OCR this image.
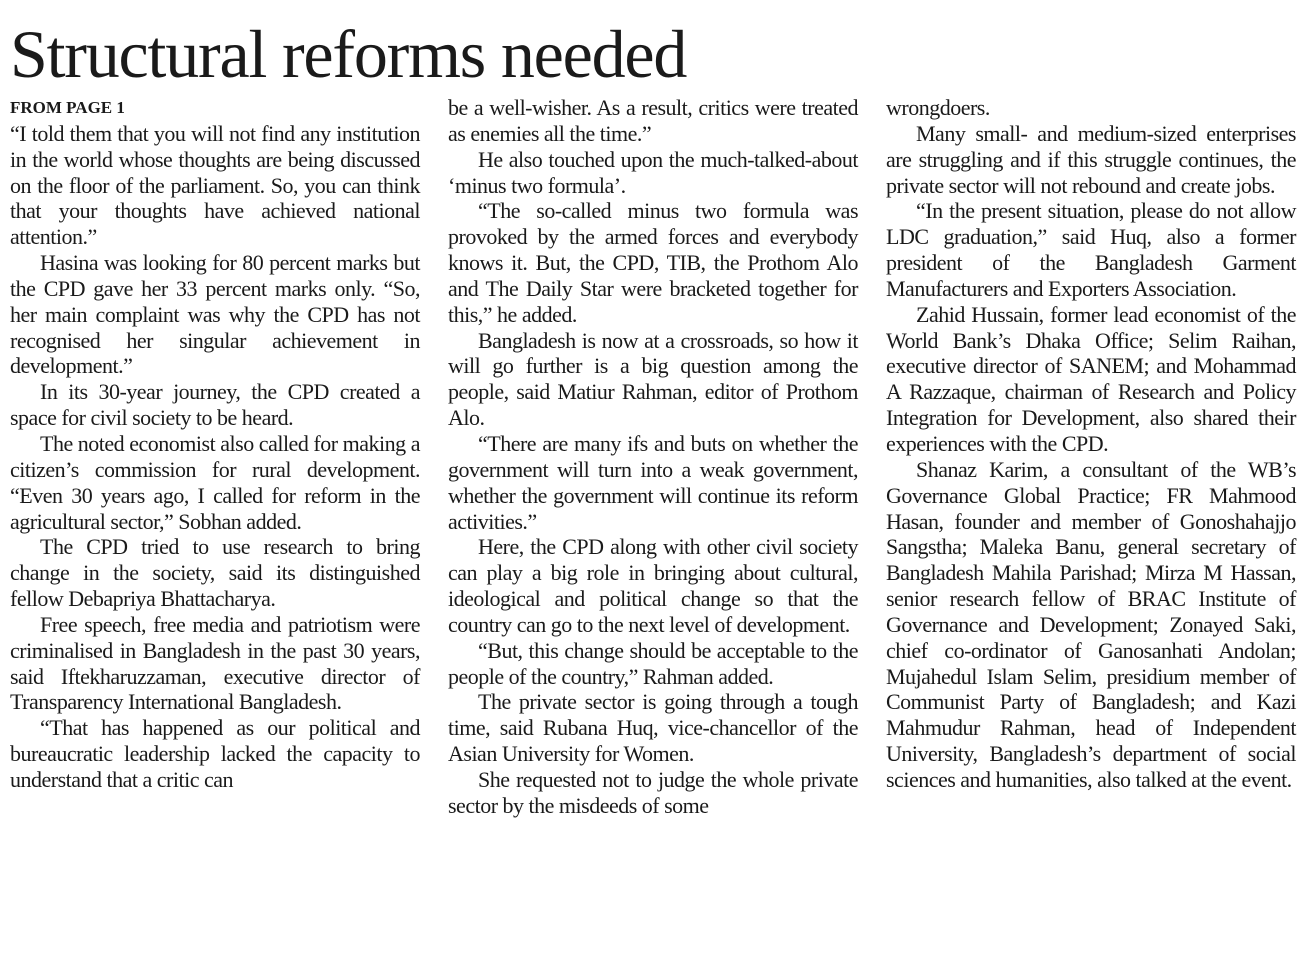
Structural reforms needed
FROM PAGE 1

“I told them that you will not find any institution in the world whose thoughts are being discussed on the floor of the parliament. So, you can think that your thoughts have achieved national attention.”

Hasina was looking for 80 percent marks but the CPD gave her 33 percent marks only. “So, her main complaint was why the CPD has not recognised her singular achievement in development.”

In its 30-year journey, the CPD created a space for civil society to be heard.

The noted economist also called for making a citizen’s commission for rural development. “Even 30 years ago, I called for reform in the agricultural sector,” Sobhan added.

The CPD tried to use research to bring change in the society, said its distinguished fellow Debapriya Bhattacharya.

Free speech, free media and patriotism were criminalised in Bangladesh in the past 30 years, said Iftekharuzzaman, executive director of Transparency International Bangladesh.

“That has happened as our political and bureaucratic leadership lacked the capacity to understand that a critic can

be a well-wisher. As a result, critics were treated as enemies all the time.”

He also touched upon the much-talked-about ‘minus two formula’.

“The so-called minus two formula was provoked by the armed forces and everybody knows it. But, the CPD, TIB, the Prothom Alo and The Daily Star were bracketed together for this,” he added.

Bangladesh is now at a crossroads, so how it will go further is a big question among the people, said Matiur Rahman, editor of Prothom Alo.

“There are many ifs and buts on whether the government will turn into a weak government, whether the government will continue its reform activities.”

Here, the CPD along with other civil society can play a big role in bringing about cultural, ideological and political change so that the country can go to the next level of development.

“But, this change should be acceptable to the people of the country,” Rahman added.

The private sector is going through a tough time, said Rubana Huq, vice-chancellor of the Asian University for Women.

She requested not to judge the whole private sector by the misdeeds of some

wrongdoers.

Many small- and medium-sized enterprises are struggling and if this struggle continues, the private sector will not rebound and create jobs.

“In the present situation, please do not allow LDC graduation,” said Huq, also a former president of the Bangladesh Garment Manufacturers and Exporters Association.

Zahid Hussain, former lead economist of the World Bank’s Dhaka Office; Selim Raihan, executive director of SANEM; and Mohammad A Razzaque, chairman of Research and Policy Integration for Development, also shared their experiences with the CPD.

Shanaz Karim, a consultant of the WB’s Governance Global Practice; FR Mahmood Hasan, founder and member of Gonoshahajjo Sangstha; Maleka Banu, general secretary of Bangladesh Mahila Parishad; Mirza M Hassan, senior research fellow of BRAC Institute of Governance and Development; Zonayed Saki, chief co-ordinator of Ganosanhati Andolan; Mujahedul Islam Selim, presidium member of Communist Party of Bangladesh; and Kazi Mahmudur Rahman, head of Independent University, Bangladesh’s department of social sciences and humanities, also talked at the event.
